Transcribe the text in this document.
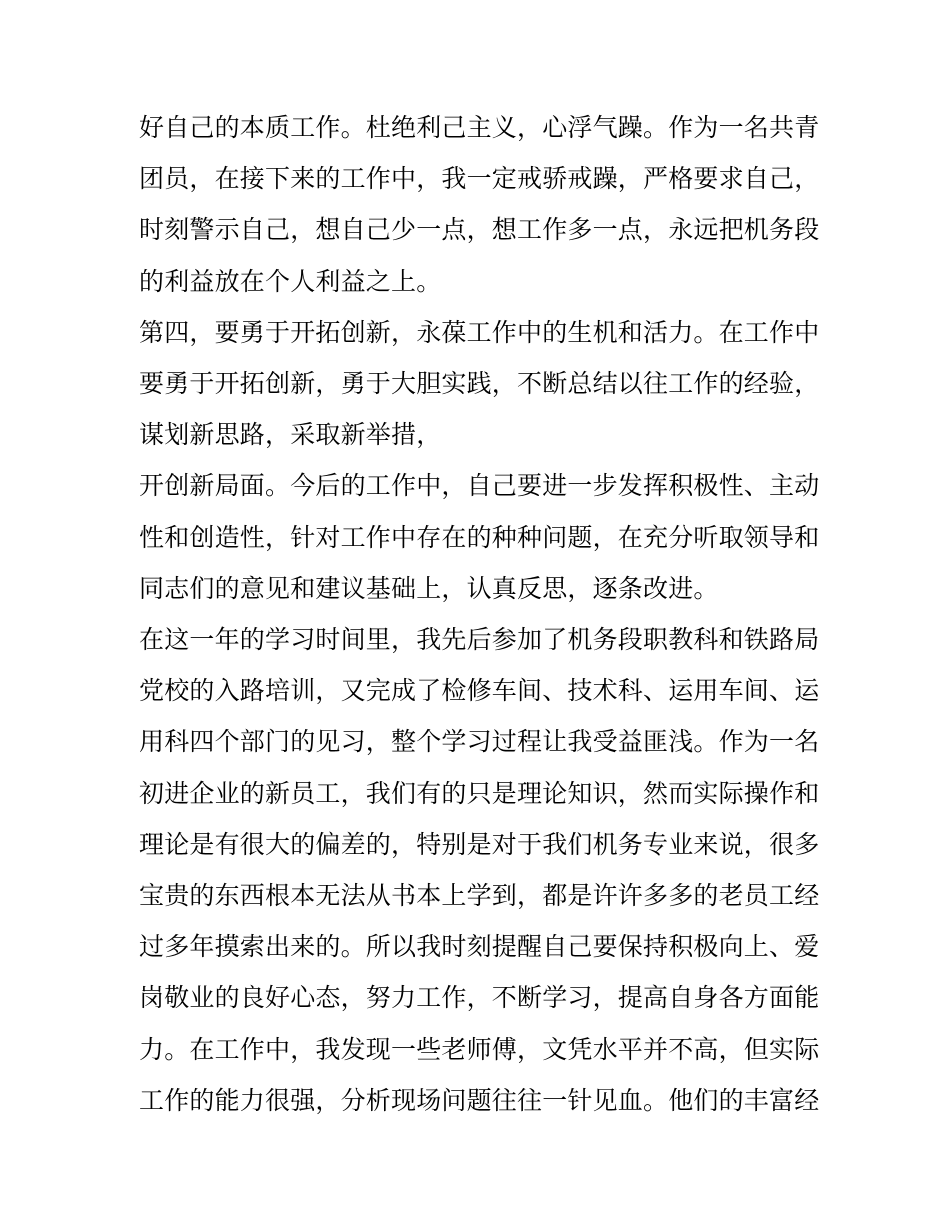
好自己的本质工作。杜绝利己主义，心浮气躁。作为一名共青
团员，在接下来的工作中，我一定戒骄戒躁，严格要求自己，
时刻警示自己，想自己少一点，想工作多一点，永远把机务段
的利益放在个人利益之上。
第四，要勇于开拓创新，永葆工作中的生机和活力。在工作中
要勇于开拓创新，勇于大胆实践，不断总结以往工作的经验，
谋划新思路，采取新举措，
开创新局面。今后的工作中，自己要进一步发挥积极性、主动
性和创造性，针对工作中存在的种种问题，在充分听取领导和
同志们的意见和建议基础上，认真反思，逐条改进。
在这一年的学习时间里，我先后参加了机务段职教科和铁路局
党校的入路培训，又完成了检修车间、技术科、运用车间、运
用科四个部门的见习，整个学习过程让我受益匪浅。作为一名
初进企业的新员工，我们有的只是理论知识，然而实际操作和
理论是有很大的偏差的，特别是对于我们机务专业来说，很多
宝贵的东西根本无法从书本上学到，都是许许多多的老员工经
过多年摸索出来的。所以我时刻提醒自己要保持积极向上、爱
岗敬业的良好心态，努力工作，不断学习，提高自身各方面能
力。在工作中，我发现一些老师傅，文凭水平并不高，但实际
工作的能力很强，分析现场问题往往一针见血。他们的丰富经
